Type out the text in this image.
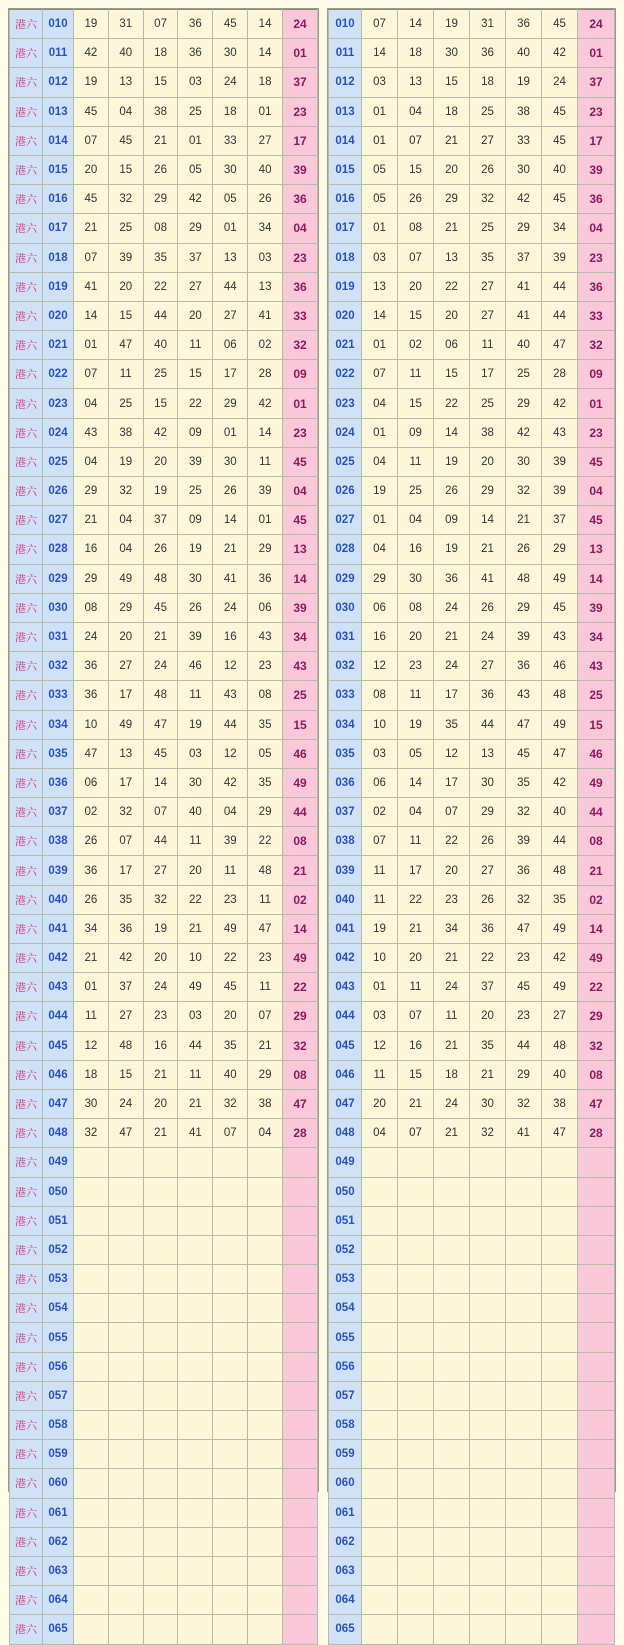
港六	010	19	31	07	36	45	14	24
港六	011	42	40	18	36	30	14	01
港六	012	19	13	15	03	24	18	37
港六	013	45	04	38	25	18	01	23
港六	014	07	45	21	01	33	27	17
港六	015	20	15	26	05	30	40	39
港六	016	45	32	29	42	05	26	36
港六	017	21	25	08	29	01	34	04
港六	018	07	39	35	37	13	03	23
港六	019	41	20	22	27	44	13	36
港六	020	14	15	44	20	27	41	33
港六	021	01	47	40	11	06	02	32
港六	022	07	11	25	15	17	28	09
港六	023	04	25	15	22	29	42	01
港六	024	43	38	42	09	01	14	23
港六	025	04	19	20	39	30	11	45
港六	026	29	32	19	25	26	39	04
港六	027	21	04	37	09	14	01	45
港六	028	16	04	26	19	21	29	13
港六	029	29	49	48	30	41	36	14
港六	030	08	29	45	26	24	06	39
港六	031	24	20	21	39	16	43	34
港六	032	36	27	24	46	12	23	43
港六	033	36	17	48	11	43	08	25
港六	034	10	49	47	19	44	35	15
港六	035	47	13	45	03	12	05	46
港六	036	06	17	14	30	42	35	49
港六	037	02	32	07	40	04	29	44
港六	038	26	07	44	11	39	22	08
港六	039	36	17	27	20	11	48	21
港六	040	26	35	32	22	23	11	02
港六	041	34	36	19	21	49	47	14
港六	042	21	42	20	10	22	23	49
港六	043	01	37	24	49	45	11	22
港六	044	11	27	23	03	20	07	29
港六	045	12	48	16	44	35	21	32
港六	046	18	15	21	11	40	29	08
港六	047	30	24	20	21	32	38	47
港六	048	32	47	21	41	07	04	28
港六	049							
港六	050							
港六	051							
港六	052							
港六	053							
港六	054							
港六	055							
港六	056							
港六	057							
港六	058							
港六	059							
港六	060							
港六	061							
港六	062							
港六	063							
港六	064							
港六	065							
010	07	14	19	31	36	45	24
011	14	18	30	36	40	42	01
012	03	13	15	18	19	24	37
013	01	04	18	25	38	45	23
014	01	07	21	27	33	45	17
015	05	15	20	26	30	40	39
016	05	26	29	32	42	45	36
017	01	08	21	25	29	34	04
018	03	07	13	35	37	39	23
019	13	20	22	27	41	44	36
020	14	15	20	27	41	44	33
021	01	02	06	11	40	47	32
022	07	11	15	17	25	28	09
023	04	15	22	25	29	42	01
024	01	09	14	38	42	43	23
025	04	11	19	20	30	39	45
026	19	25	26	29	32	39	04
027	01	04	09	14	21	37	45
028	04	16	19	21	26	29	13
029	29	30	36	41	48	49	14
030	06	08	24	26	29	45	39
031	16	20	21	24	39	43	34
032	12	23	24	27	36	46	43
033	08	11	17	36	43	48	25
034	10	19	35	44	47	49	15
035	03	05	12	13	45	47	46
036	06	14	17	30	35	42	49
037	02	04	07	29	32	40	44
038	07	11	22	26	39	44	08
039	11	17	20	27	36	48	21
040	11	22	23	26	32	35	02
041	19	21	34	36	47	49	14
042	10	20	21	22	23	42	49
043	01	11	24	37	45	49	22
044	03	07	11	20	23	27	29
045	12	16	21	35	44	48	32
046	11	15	18	21	29	40	08
047	20	21	24	30	32	38	47
048	04	07	21	32	41	47	28
049							
050							
051							
052							
053							
054							
055							
056							
057							
058							
059							
060							
061							
062							
063							
064							
065							
